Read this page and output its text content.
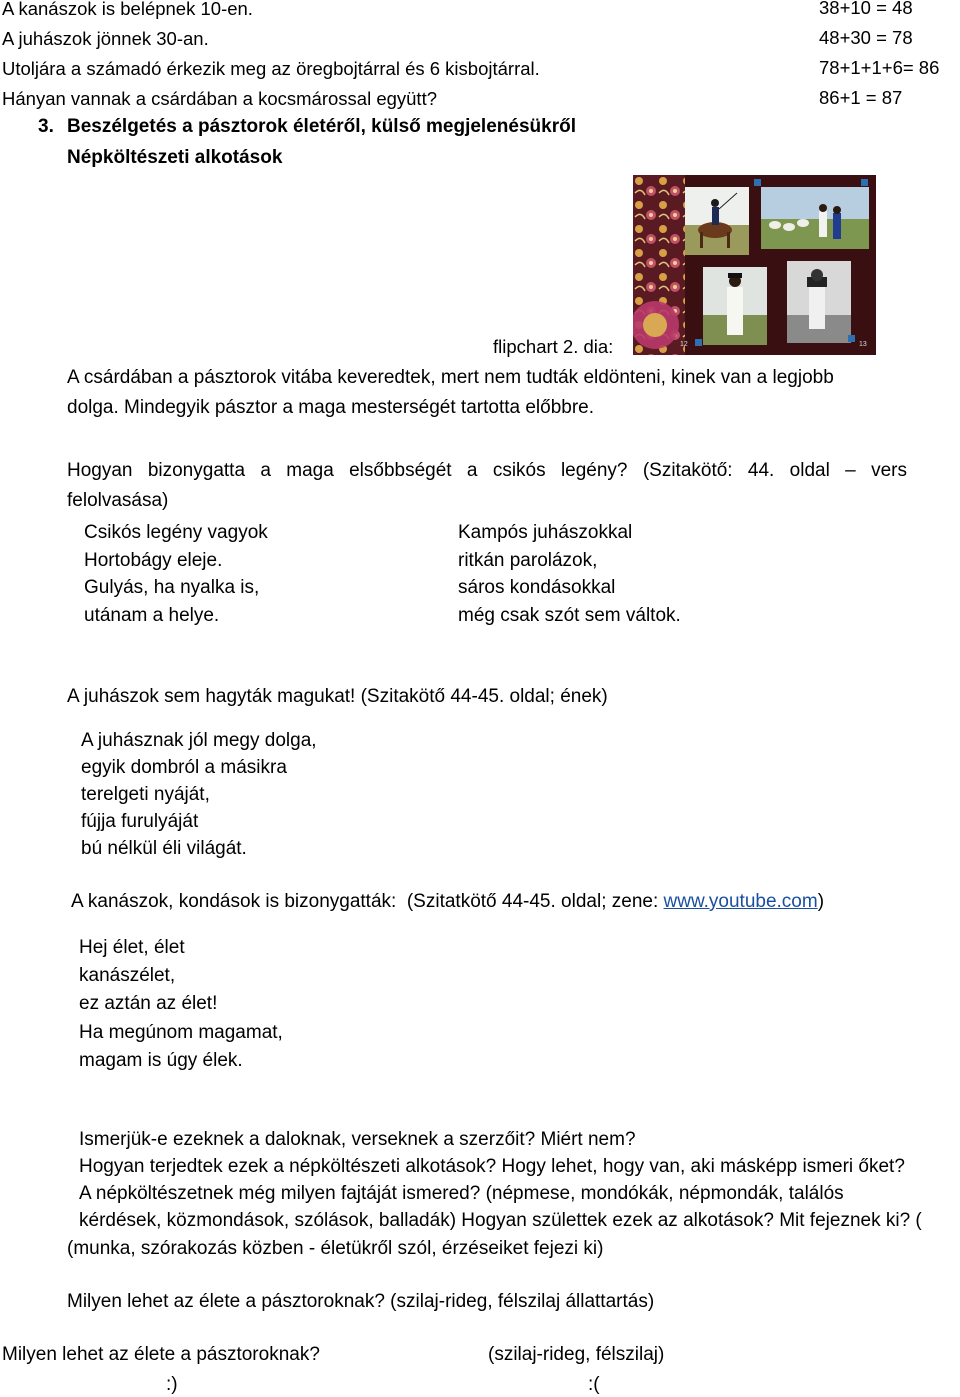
A kanászok is belépnek 10-en.	38+10 = 48
A juhászok jönnek 30-an.	48+30 = 78
Utoljára a számadó érkezik meg az öregbojtárral és 6 kisbojtárral.	78+1+1+6= 86
Hányan vannak a csárdában a kocsmárossal együtt?	86+1 = 87
3. Beszélgetés a pásztorok életéről, külső megjelenésükről
Népköltészeti alkotások
12	13
flipchart 2. dia:
A csárdában a pásztorok vitába keveredtek, mert nem tudták eldönteni, kinek van a legjobb
dolga. Mindegyik pásztor a maga mesterségét tartotta előbbre.
Hogyan bizonygatta a maga elsőbbségét a csikós legény? (Szitakötő: 44. oldal – vers
felolvasása)
Csikós legény vagyok
Hortobágy eleje.
Gulyás, ha nyalka is,
utánam a helye.
Kampós juhászokkal
ritkán parolázok,
sáros kondásokkal
még csak szót sem váltok.
A juhászok sem hagyták magukat! (Szitakötő 44-45. oldal; ének)
A juhásznak jól megy dolga,
egyik dombról a másikra
terelgeti nyáját,
fújja furulyáját
bú nélkül éli világát.
A kanászok, kondások is bizonygatták:  (Szitatkötő 44-45. oldal; zene: www.youtube.com)
Hej élet, élet
kanászélet,
ez aztán az élet!
Ha megúnom magamat,
magam is úgy élek.
Ismerjük-e ezeknek a daloknak, verseknek a szerzőit? Miért nem?
Hogyan terjedtek ezek a népköltészeti alkotások? Hogy lehet, hogy van, aki másképp ismeri őket?
A népköltészetnek még milyen fajtáját ismered? (népmese, mondókák, népmondák, találós
kérdések, közmondások, szólások, balladák) Hogyan születtek ezek az alkotások? Mit fejeznek ki? (
(munka, szórakozás közben - életükről szól, érzéseiket fejezi ki)
Milyen lehet az élete a pásztoroknak? (szilaj-rideg, félszilaj állattartás)
Milyen lehet az élete a pásztoroknak?	(szilaj-rideg, félszilaj)
:)	:(
